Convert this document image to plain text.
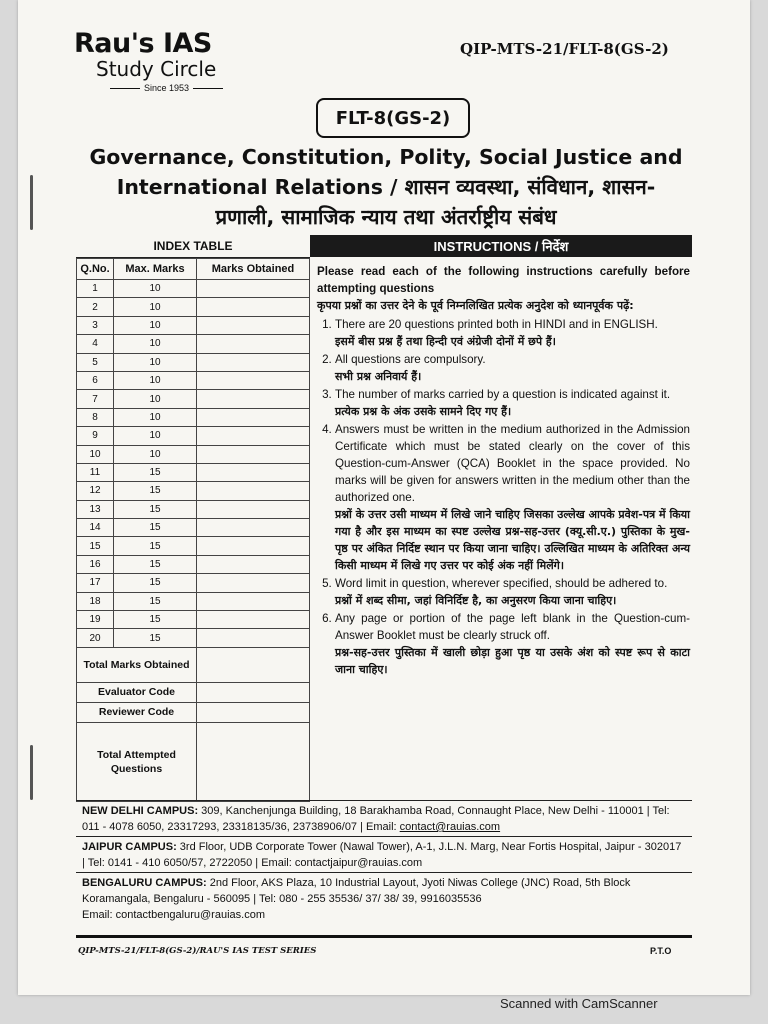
Rau's IAS
Study Circle
Since 1953
QIP-MTS-21/FLT-8(GS-2)
FLT-8(GS-2)
Governance, Constitution, Polity, Social Justice and
International Relations / शासन व्यवस्था, संविधान, शासन-
प्रणाली, सामाजिक न्याय तथा अंतर्राष्ट्रीय संबंध
INDEX TABLE
Q.No.	Max. Marks	Marks Obtained
1	10	
2	10	
3	10	
4	10	
5	10	
6	10	
7	10	
8	10	
9	10	
10	10	
11	15	
12	15	
13	15	
14	15	
15	15	
16	15	
17	15	
18	15	
19	15	
20	15	
Total Marks Obtained		
Evaluator Code		
Reviewer Code		
Total Attempted Questions		
INSTRUCTIONS / निर्देश
Please read each of the following instructions carefully before attempting questions
कृपया प्रश्नों का उत्तर देने के पूर्व निम्नलिखित प्रत्येक अनुदेश को ध्यानपूर्वक पढ़ें:
1. There are 20 questions printed both in HINDI and in ENGLISH.
इसमें बीस प्रश्न हैं तथा हिन्दी एवं अंग्रेजी दोनों में छपे हैं।
2. All questions are compulsory.
सभी प्रश्न अनिवार्य हैं।
3. The number of marks carried by a question is indicated against it.
प्रत्येक प्रश्न के अंक उसके सामने दिए गए हैं।
4. Answers must be written in the medium authorized in the Admission Certificate which must be stated clearly on the cover of this Question-cum-Answer (QCA) Booklet in the space provided. No marks will be given for answers written in the medium other than the authorized one.
प्रश्नों के उत्तर उसी माध्यम में लिखे जाने चाहिए जिसका उल्लेख आपके प्रवेश-पत्र में किया गया है और इस माध्यम का स्पष्ट उल्लेख प्रश्न-सह-उत्तर (क्यू.सी.ए.) पुस्तिका के मुख-पृष्ठ पर अंकित निर्दिष्ट स्थान पर किया जाना चाहिए। उल्लिखित माध्यम के अतिरिक्त अन्य किसी माध्यम में लिखे गए उत्तर पर कोई अंक नहीं मिलेंगे।
5. Word limit in question, wherever specified, should be adhered to.
प्रश्नों में शब्द सीमा, जहां विनिर्दिष्ट है, का अनुसरण किया जाना चाहिए।
6. Any page or portion of the page left blank in the Question-cum-Answer Booklet must be clearly struck off.
प्रश्न-सह-उत्तर पुस्तिका में खाली छोड़ा हुआ पृष्ठ या उसके अंश को स्पष्ट रूप से काटा जाना चाहिए।
NEW DELHI CAMPUS: 309, Kanchenjunga Building, 18 Barakhamba Road, Connaught Place, New Delhi - 110001 | Tel: 011 - 4078 6050, 23317293, 23318135/36, 23738906/07 | Email: contact@rauias.com
JAIPUR CAMPUS: 3rd Floor, UDB Corporate Tower (Nawal Tower), A-1, J.L.N. Marg, Near Fortis Hospital, Jaipur - 302017 | Tel: 0141 - 410 6050/57, 2722050 | Email: contactjaipur@rauias.com
BENGALURU CAMPUS: 2nd Floor, AKS Plaza, 10 Industrial Layout, Jyoti Niwas College (JNC) Road, 5th Block Koramangala, Bengaluru - 560095 | Tel: 080 - 255 35536/ 37/ 38/ 39, 9916035536
Email: contactbengaluru@rauias.com
QIP-MTS-21/FLT-8(GS-2)/RAU'S IAS TEST SERIES	P.T.O
Scanned with CamScanner
